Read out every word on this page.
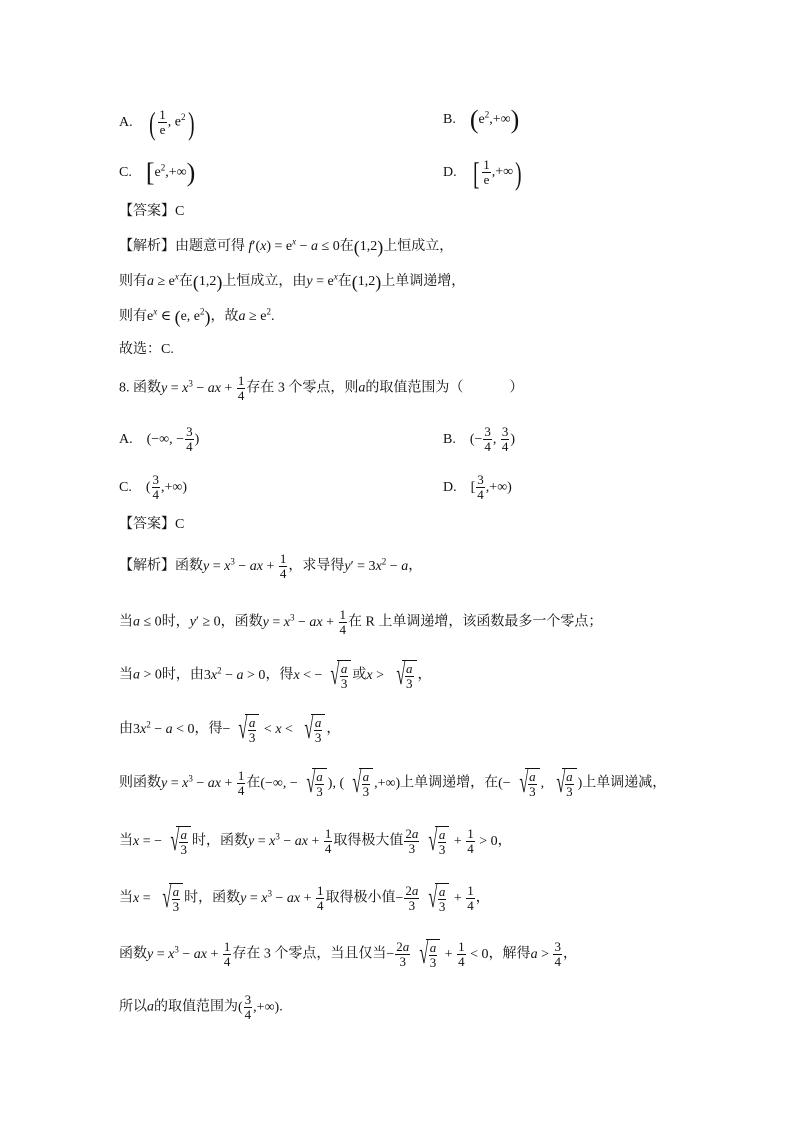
A. ( $\frac{1}{e}$ , $e^2$)	B. $(e^2,+\infty)$
C. $[e^2,+\infty)$	D. [ $\frac{1}{e}$ ,+∞)
【答案】C
【解析】由题意可得 $f'(x) = e^x - a \le 0$在(1,2)上恒成立，
则有$a \ge e^x$在(1,2)上恒成立，由$y = e^x$在(1,2)上单调递增，
则有$e^x$ ∈ (e, $e^2$)，故$a \ge e^2$.
故选：C.
8. 函数$y = x^3$ − ax + $\frac{1}{4}$ 存在 3 个零点，则a的取值范围为（	）
A. (−∞, − $\frac{3}{4}$ )	B. (− $\frac{3}{4}$ , $\frac{3}{4}$ )
C. ( $\frac{3}{4}$ ,+∞)	D. [ $\frac{3}{4}$ ,+∞)
【答案】C
【解析】函数$y = x^3$ − ax + $\frac{1}{4}$ ，求导得$y' = 3x^2 - a$，
当a ≤ 0时，y′ ≥ 0，函数$y = x^3$ − ax + $\frac{1}{4}$ 在 R 上单调递增，该函数最多一个零点；
当a > 0时，由$3x^2 - a > 0$，得x < − √ $\frac{a}{3}$ 或x > √ $\frac{a}{3}$ ，
由$3x^2 - a < 0$，得− √ $\frac{a}{3} < x$ < √ $\frac{a}{3}$ ，
则函数$y = x^3$ − ax + $\frac{1}{4}$ 在(−∞, − √ $\frac{a}{3}$ ), ( √ $\frac{a}{3}$ ,+∞)上单调递增，在(− √ $\frac{a}{3}$ , √ $\frac{a}{3}$ )上单调递减，
当x = − √ $\frac{a}{3}$ 时，函数$y = x^3$ − ax + $\frac{1}{4}$ 取得极大值 $\frac{2a}{3}$ √ $\frac{a}{3} + \frac{1}{4} > 0$，
当x = √ $\frac{a}{3}$ 时，函数$y = x^3$ − ax + $\frac{1}{4}$ 取得极小值− $\frac{2a}{3}$ √ $\frac{a}{3} + \frac{1}{4}$ ，
函数$y = x^3$ − ax + $\frac{1}{4}$ 存在 3 个零点，当且仅当− $\frac{2a}{3}$ √ $\frac{a}{3} + \frac{1}{4} < 0$，解得$a > \frac{3}{4}$ ，
所以a的取值范围为( $\frac{3}{4}$ ,+∞).
